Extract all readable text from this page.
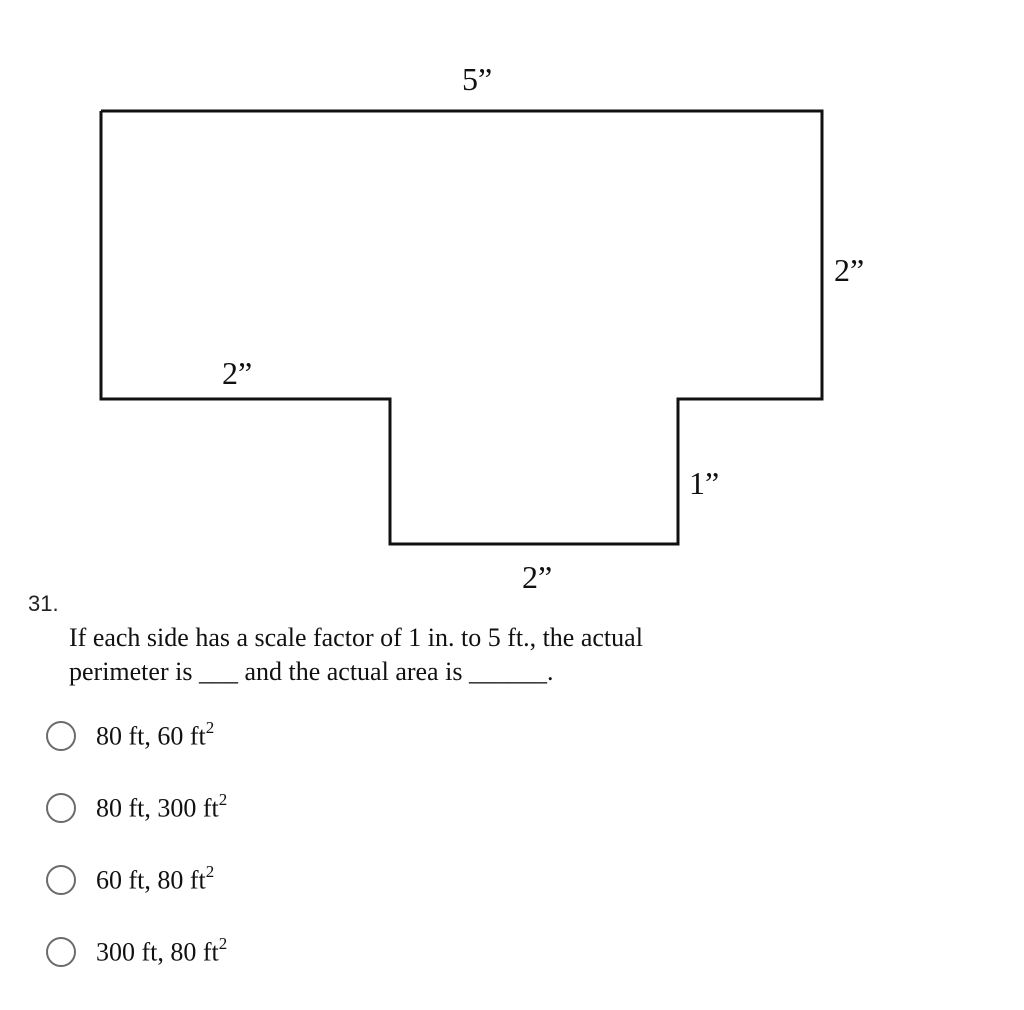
5”
2”
2”
1”
2”
31.
If each side has a scale factor of 1 in. to 5 ft., the actual
perimeter is ___ and the actual area is ______.
80 ft, 60 $ft^2$
80 ft, 300 $ft^2$
60 ft, 80 $ft^2$
300 ft, 80 $ft^2$
